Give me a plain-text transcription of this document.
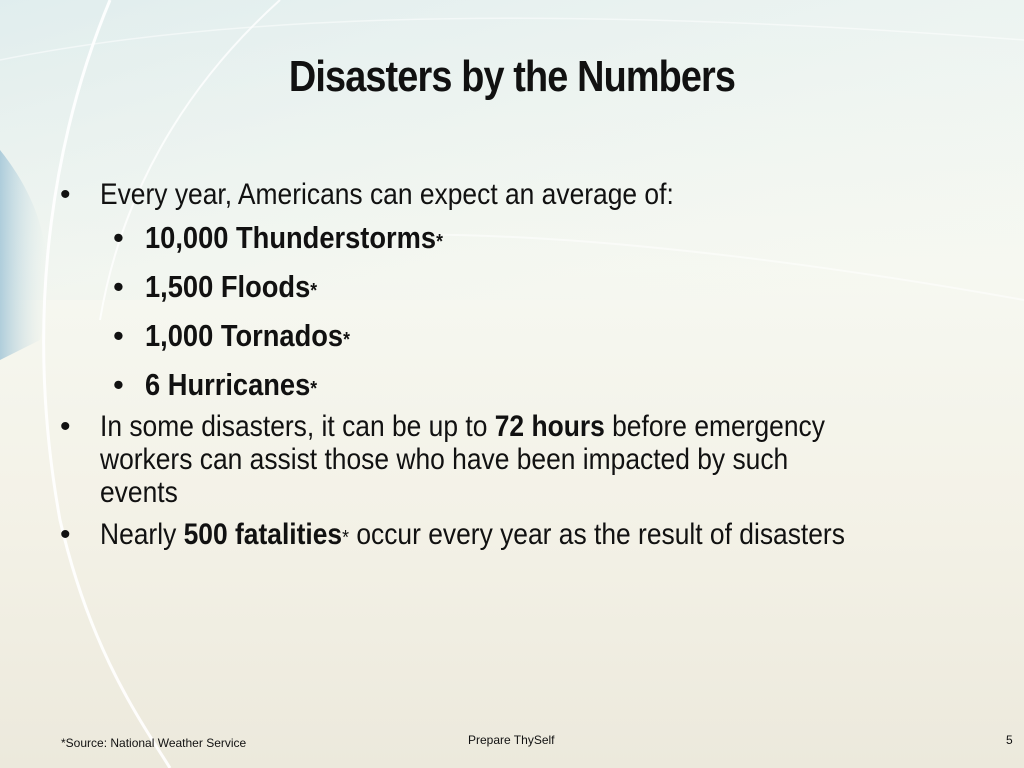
Disasters by the Numbers
• Every year, Americans can expect an average of:
• 10,000 Thunderstorms*
• 1,500 Floods*
• 1,000 Tornados*
• 6 Hurricanes*
• In some disasters, it can be up to 72 hours before emergency
workers can assist those who have been impacted by such events
• Nearly 500 fatalities* occur every year as the result of disasters
*Source: National Weather Service	Prepare ThySelf	5
